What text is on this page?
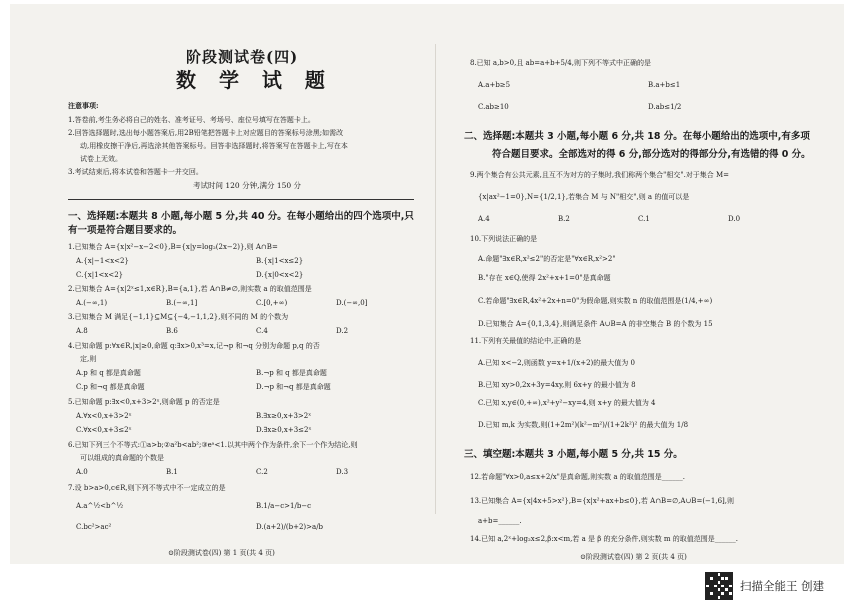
阶段测试卷(四)
数 学 试 题
注意事项:
1.答卷前,考生务必将自己的姓名、准考证号、考场号、座位号填写在答题卡上。
2.回答选择题时,选出每小题答案后,用2B铅笔把答题卡上对应题目的答案标号涂黑;如需改
动,用橡皮擦干净后,再选涂其他答案标号。回答非选择题时,将答案写在答题卡上,写在本
试卷上无效。
3.考试结束后,将本试卷和答题卡一并交回。
考试时间 120 分钟,满分 150 分
一、选择题:本题共 8 小题,每小题 5 分,共 40 分。在每小题给出的四个选项中,只
有一项是符合题目要求的。
1.已知集合 A={x|x²−x−2<0},B={x|y=log₂(2x−2)},则 A∩B=
A.{x|−1<x<2}	B.{x|1<x≤2}
C.{x|1<x<2}	D.{x|0<x<2}
2.已知集合 A={x|2ˣ≤1,x∈R},B={a,1},若 A∩B≠∅,则实数 a 的取值范围是
A.(−∞,1)	B.(−∞,1]	C.[0,+∞)	D.(−∞,0]
3.已知集合 M 满足{−1,1}⊆M⊆{−4,−1,1,2},则不同的 M 的个数为
A.8	B.6	C.4	D.2
4.已知命题 p:∀x∈R,|x|≥0,命题 q:∃x>0,x³=x,记¬p 和¬q 分别为命题 p,q 的否
定,则
A.p 和 q 都是真命题	B.¬p 和 q 都是真命题
C.p 和¬q 都是真命题	D.¬p 和¬q 都是真命题
5.已知命题 p:∃x<0,x+3>2ˣ,则命题 p 的否定是
A.∀x<0,x+3>2ˣ	B.∃x≥0,x+3>2ˣ
C.∀x<0,x+3≤2ˣ	D.∃x≥0,x+3≤2ˣ
6.已知下列三个不等式:①a>b;②a²b<ab²;③eᵃ<1.以其中两个作为条件,余下一个作为结论,则
可以组成的真命题的个数是
A.0	B.1	C.2	D.3
7.设 b>a>0,c∈R,则下列不等式中不一定成立的是
A.a^½<b^½	B.1/a−c>1/b−c
C.bc²>ac²	D.(a+2)/(b+2)>a/b
⊙阶段测试卷(四) 第 1 页(共 4 页)
8.已知 a,b>0,且 ab=a+b+5/4,则下列不等式中正确的是
A.a+b≥5	B.a+b≤1
C.ab≥10	D.ab≤1/2
二、选择题:本题共 3 小题,每小题 6 分,共 18 分。在每小题给出的选项中,有多项
符合题目要求。全部选对的得 6 分,部分选对的得部分分,有选错的得 0 分。
9.两个集合有公共元素,且互不为对方的子集时,我们称两个集合"相交".对于集合 M=
{x|ax²−1=0},N={1/2,1},若集合 M 与 N"相交",则 a 的值可以是
A.4	B.2	C.1	D.0
10.下列说法正确的是
A.命题"∃x∈R,x²≤2"的否定是"∀x∈R,x²>2"
B."存在 x∈Q,使得 2x²+x+1=0"是真命题
C.若命题"∃x∈R,4x²+2x+n=0"为假命题,则实数 n 的取值范围是(1/4,+∞)
D.已知集合 A={0,1,3,4},则满足条件 A∪B=A 的非空集合 B 的个数为 15
11.下列有关最值的结论中,正确的是
A.已知 x<−2,则函数 y=x+1/(x+2)的最大值为 0
B.已知 xy>0,2x+3y=4xy,则 6x+y 的最小值为 8
C.已知 x,y∈(0,+∞),x²+y²−xy=4,则 x+y 的最大值为 4
D.已知 m,k 为实数,则(1+2m²)(k²−m²)/(1+2k²)² 的最大值为 1/8
三、填空题:本题共 3 小题,每小题 5 分,共 15 分。
12.若命题"∀x>0,a≤x+2/x"是真命题,则实数 a 的取值范围是______.
13.已知集合 A={x|4x+5>x²},B={x|x²+ax+b≤0},若 A∩B=∅,A∪B=(−1,6],则
a+b=______.
14.已知 a,2ˣ+log₂x≤2,β:x<m,若 a 是 β 的充分条件,则实数 m 的取值范围是______.
⊙阶段测试卷(四) 第 2 页(共 4 页)
扫描全能王 创建
